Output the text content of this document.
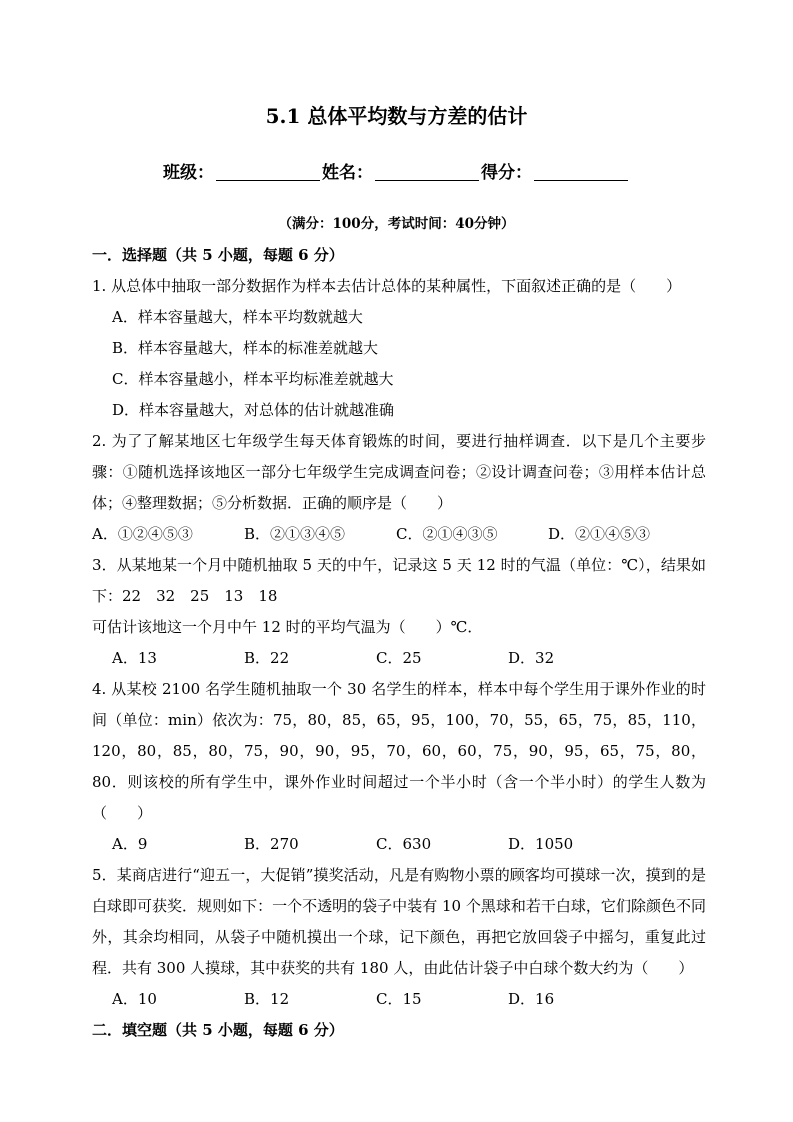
5.1 总体平均数与方差的估计
班级：	姓名：	得分：
（满分：100分，考试时间：40分钟）
一．选择题（共 5 小题，每题 6 分）
1. 从总体中抽取一部分数据作为样本去估计总体的某种属性，下面叙述正确的是（　　）
A．样本容量越大，样本平均数就越大
B．样本容量越大，样本的标准差就越大
C．样本容量越小，样本平均标准差就越大
D．样本容量越大，对总体的估计就越准确
2. 为了了解某地区七年级学生每天体育锻炼的时间，要进行抽样调查．以下是几个主要步骤：①随机选择该地区一部分七年级学生完成调查问卷；②设计调查问卷；③用样本估计总体；④整理数据；⑤分析数据．正确的顺序是（　　）
A．①②④⑤③	B．②①③④⑤	C．②①④③⑤	D．②①④⑤③
3．从某地某一个月中随机抽取 5 天的中午，记录这 5 天 12 时的气温（单位：℃），结果如下：22　32　25　13　18
可估计该地这一个月中午 12 时的平均气温为（　　）℃．
A．13	B．22	C．25	D．32
4. 从某校 2100 名学生随机抽取一个 30 名学生的样本，样本中每个学生用于课外作业的时间（单位：min）依次为：75，80，85，65，95，100，70，55，65，75，85，110，120，80，85，80，75，90，90，95，70，60，60，75，90，95，65，75，80，80．则该校的所有学生中，课外作业时间超过一个半小时（含一个半小时）的学生人数为（　　）
A．9	B．270	C．630	D．1050
5．某商店进行“迎五一，大促销”摸奖活动，凡是有购物小票的顾客均可摸球一次，摸到的是白球即可获奖．规则如下：一个不透明的袋子中装有 10 个黑球和若干白球，它们除颜色不同外，其余均相同，从袋子中随机摸出一个球，记下颜色，再把它放回袋子中摇匀，重复此过程．共有 300 人摸球，其中获奖的共有 180 人，由此估计袋子中白球个数大约为（　　）
A．10	B．12	C．15	D．16
二．填空题（共 5 小题，每题 6 分）
